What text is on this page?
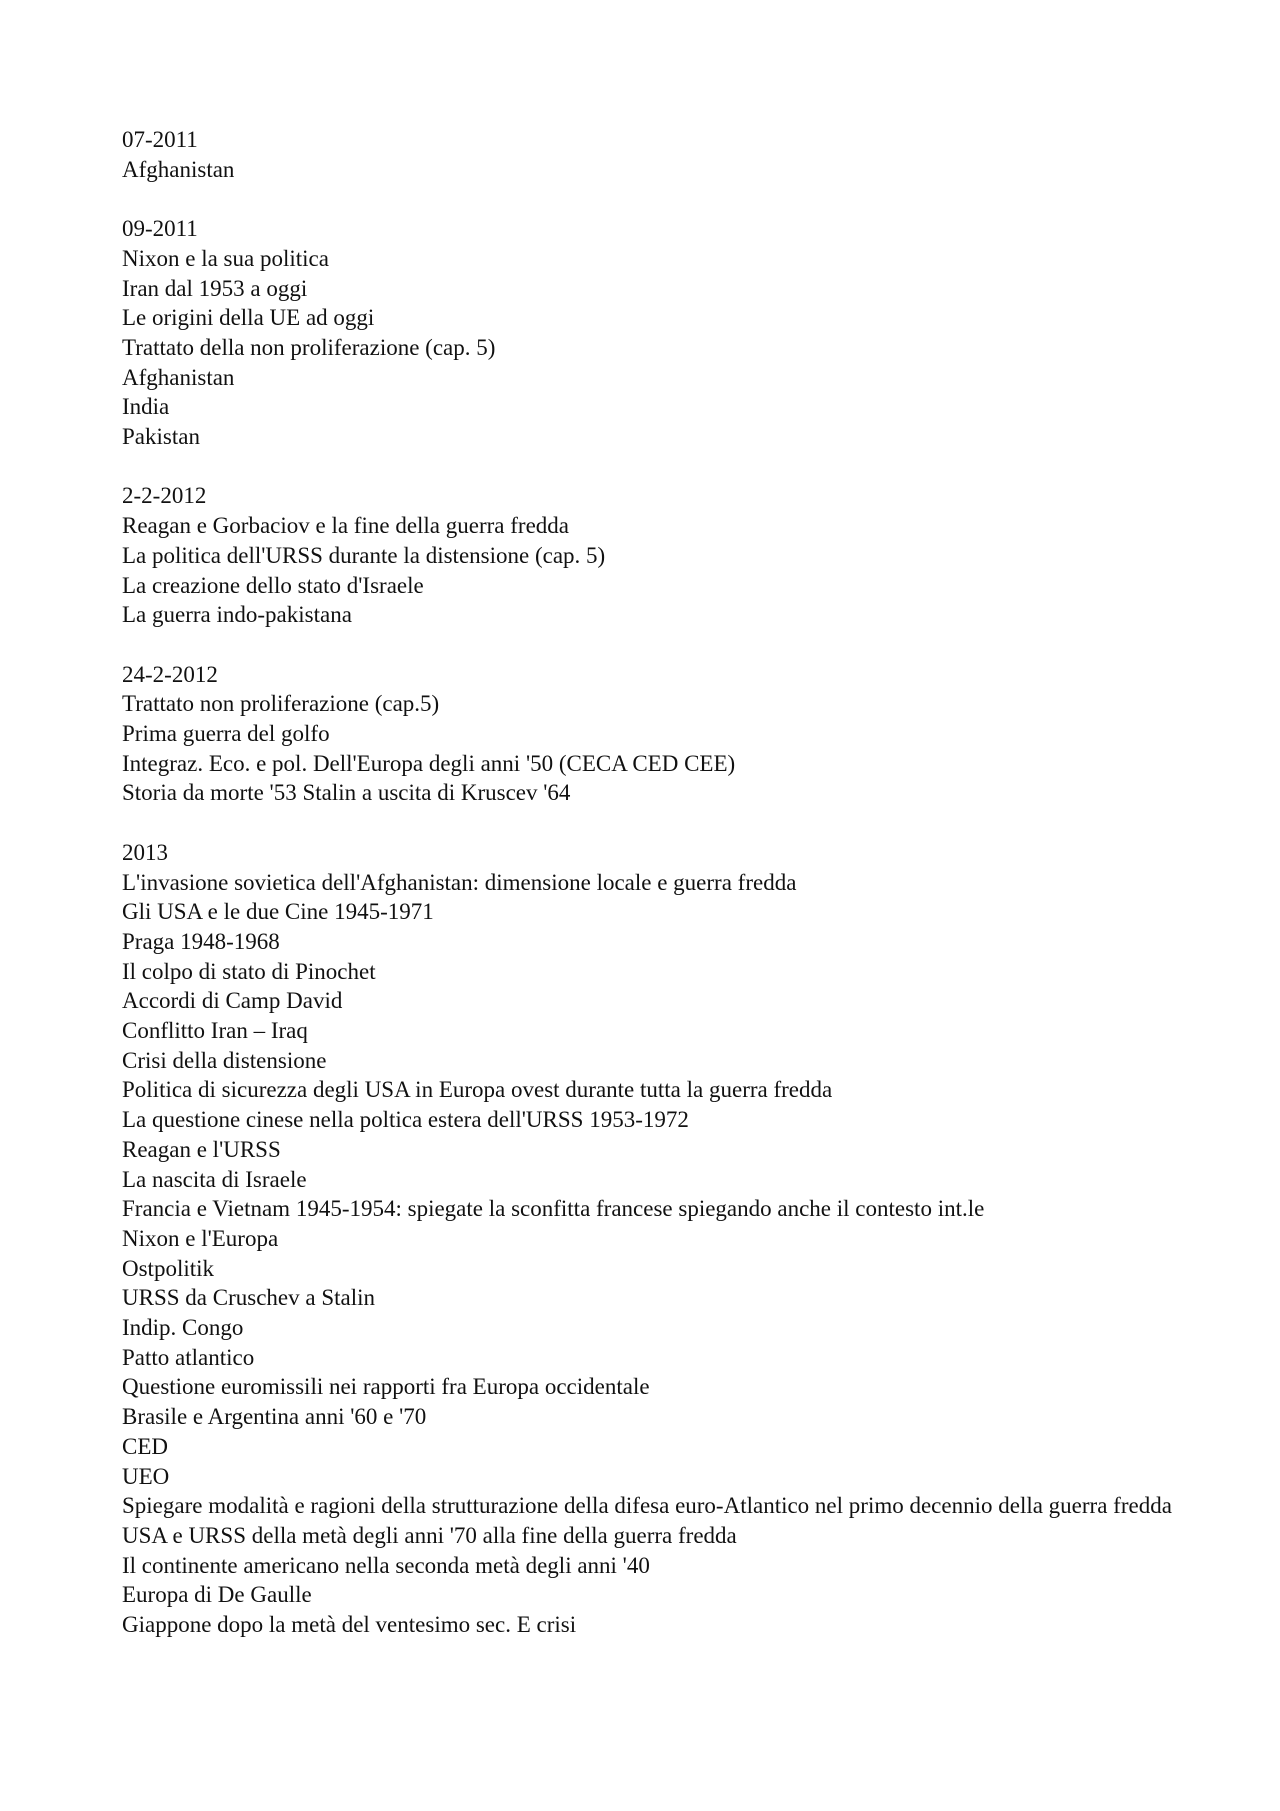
07-2011
Afghanistan
09-2011
Nixon e la sua politica
Iran dal 1953 a oggi
Le origini della UE ad oggi
Trattato della non proliferazione (cap. 5)
Afghanistan
India
Pakistan
2-2-2012
Reagan e Gorbaciov e la fine della guerra fredda
La politica dell'URSS durante la distensione (cap. 5)
La creazione dello stato d'Israele
La guerra indo-pakistana
24-2-2012
Trattato non proliferazione (cap.5)
Prima guerra del golfo
Integraz. Eco. e pol. Dell'Europa degli anni '50 (CECA CED CEE)
Storia da morte '53 Stalin a uscita di Kruscev '64
2013
L'invasione sovietica dell'Afghanistan: dimensione locale e guerra fredda
Gli USA e le due Cine 1945-1971
Praga 1948-1968
Il colpo di stato di Pinochet
Accordi di Camp David
Conflitto Iran – Iraq
Crisi della distensione
Politica di sicurezza degli USA in Europa ovest durante tutta la guerra fredda
La questione cinese nella poltica estera dell'URSS 1953-1972
Reagan e l'URSS
La nascita di Israele
Francia e Vietnam 1945-1954: spiegate la sconfitta francese spiegando anche il contesto int.le
Nixon e l'Europa
Ostpolitik
URSS da Cruschev a Stalin
Indip. Congo
Patto atlantico
Questione euromissili nei rapporti fra Europa occidentale
Brasile e Argentina anni '60 e '70
CED
UEO
Spiegare modalità e ragioni della strutturazione della difesa euro-Atlantico nel primo decennio della guerra fredda
USA e URSS della metà degli anni '70 alla fine della guerra fredda
Il continente americano nella seconda metà degli anni '40
Europa di De Gaulle
Giappone dopo la metà del ventesimo sec. E crisi
